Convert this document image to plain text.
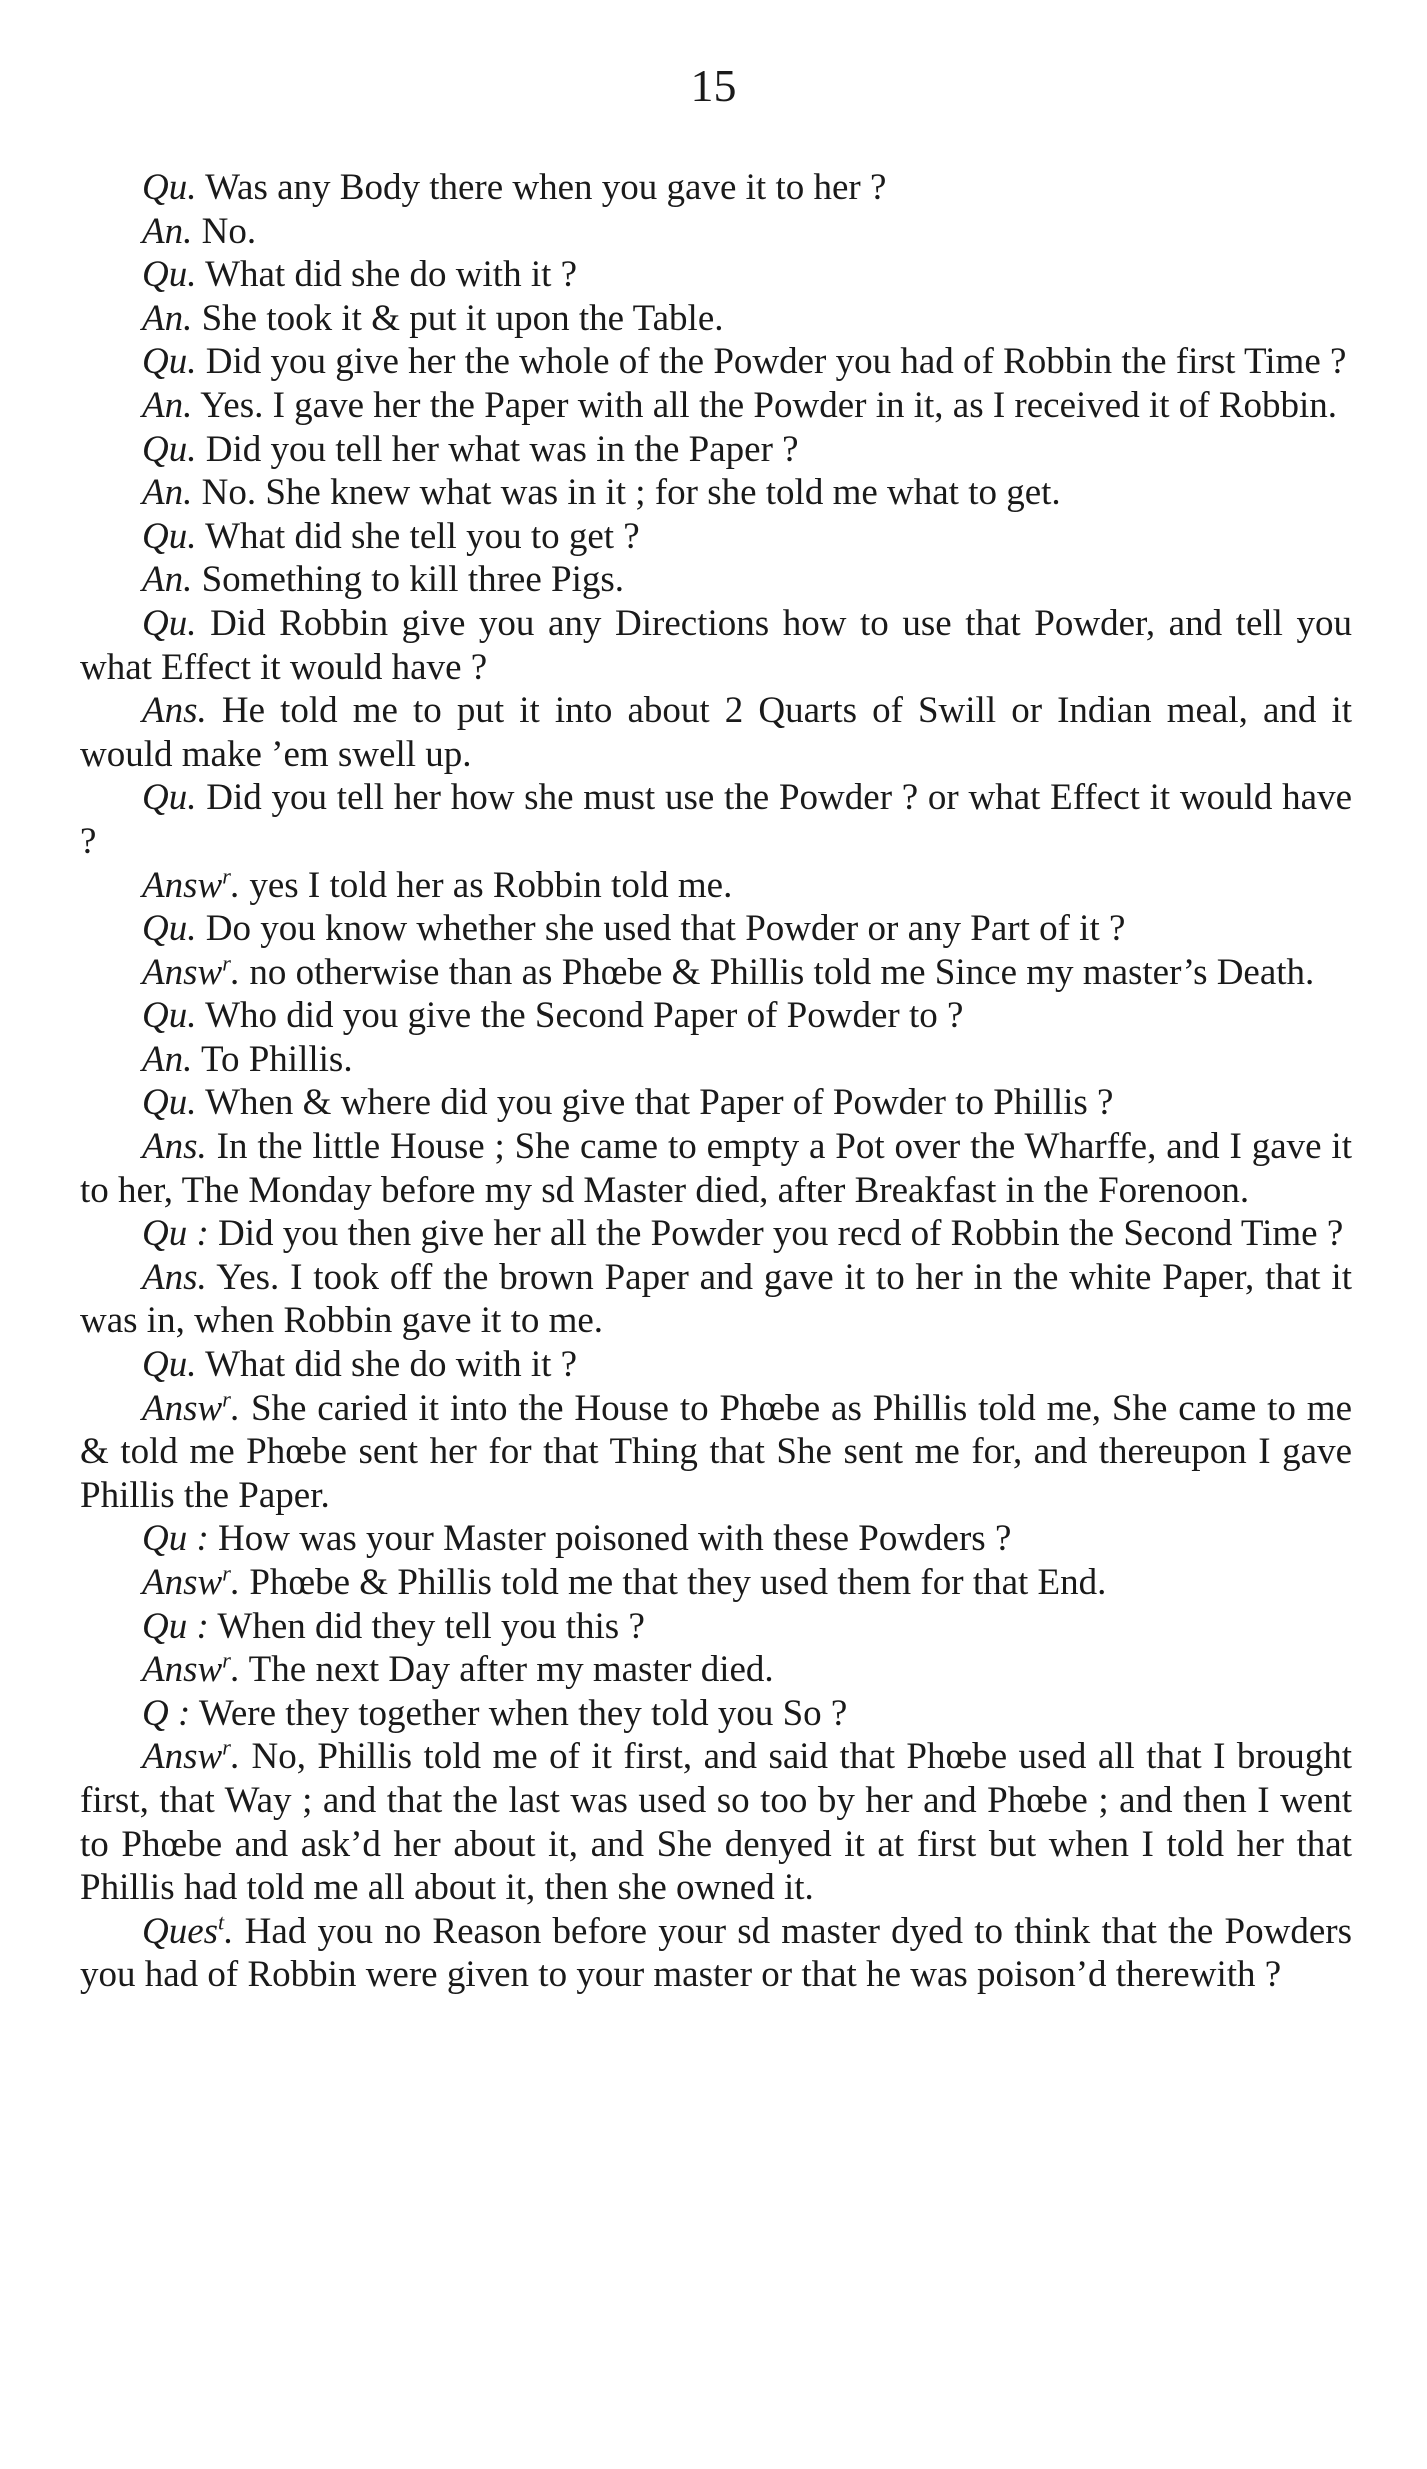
15

Qu. Was any Body there when you gave it to her ?

An. No.

Qu. What did she do with it ?

An. She took it & put it upon the Table.

Qu. Did you give her the whole of the Powder you had of Robbin the first Time ?

An. Yes. I gave her the Paper with all the Powder in it, as I received it of Robbin.

Qu. Did you tell her what was in the Paper ?

An. No. She knew what was in it ; for she told me what to get.

Qu. What did she tell you to get ?

An. Something to kill three Pigs.

Qu. Did Robbin give you any Directions how to use that Powder, and tell you what Effect it would have ?

Ans. He told me to put it into about 2 Quarts of Swill or Indian meal, and it would make ’em swell up.

Qu. Did you tell her how she must use the Powder ? or what Effect it would have ?

Answ$^r$. yes I told her as Robbin told me.

Qu. Do you know whether she used that Powder or any Part of it ?

Answ$^r$. no otherwise than as Phœbe & Phillis told me Since my master’s Death.

Qu. Who did you give the Second Paper of Powder to ?

An. To Phillis.

Qu. When & where did you give that Paper of Powder to Phillis ?

Ans. In the little House ; She came to empty a Pot over the Wharffe, and I gave it to her, The Monday before my sd Master died, after Breakfast in the Forenoon.

Qu : Did you then give her all the Powder you recd of Robbin the Second Time ?

Ans. Yes. I took off the brown Paper and gave it to her in the white Paper, that it was in, when Robbin gave it to me.

Qu. What did she do with it ?

Answ$^r$. She caried it into the House to Phœbe as Phillis told me, She came to me & told me Phœbe sent her for that Thing that She sent me for, and thereupon I gave Phillis the Paper.

Qu : How was your Master poisoned with these Powders ?

Answ$^r$. Phœbe & Phillis told me that they used them for that End.

Qu : When did they tell you this ?

Answ$^r$. The next Day after my master died.

Q : Were they together when they told you So ?

Answ$^r$. No, Phillis told me of it first, and said that Phœbe used all that I brought first, that Way ; and that the last was used so too by her and Phœbe ; and then I went to Phœbe and ask’d her about it, and She denyed it at first but when I told her that Phillis had told me all about it, then she owned it.

Ques$^t$. Had you no Reason before your sd master dyed to think that the Powders you had of Robbin were given to your master or that he was poison’d therewith ?
